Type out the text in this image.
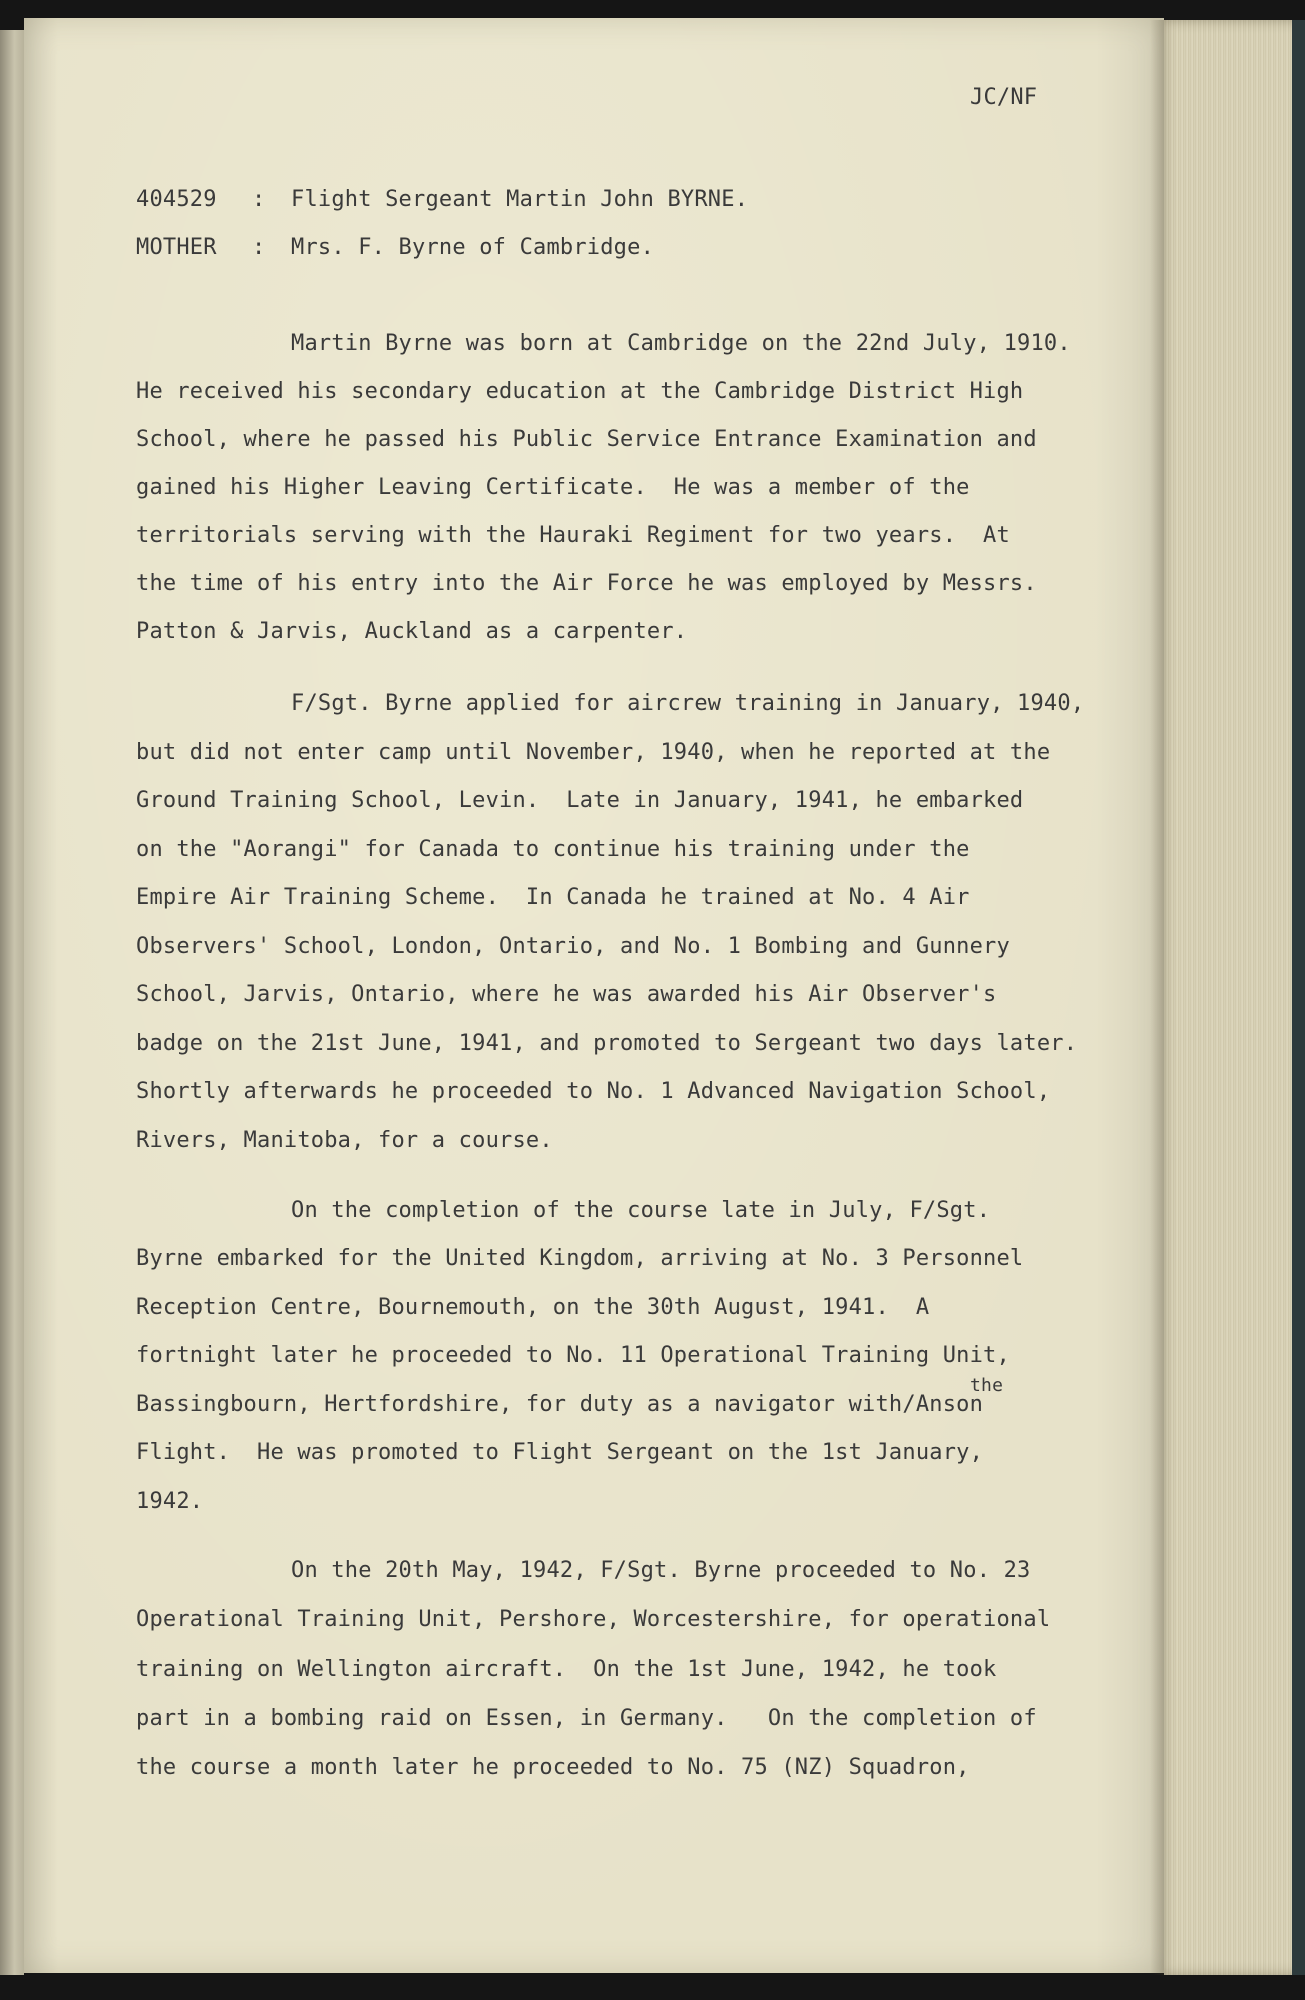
JC/NF

404529 : Flight Sergeant Martin John BYRNE.

MOTHER : Mrs. F. Byrne of Cambridge.

Martin Byrne was born at Cambridge on the 22nd July, 1910.

He received his secondary education at the Cambridge District High

School, where he passed his Public Service Entrance Examination and

gained his Higher Leaving Certificate.  He was a member of the

territorials serving with the Hauraki Regiment for two years.  At

the time of his entry into the Air Force he was employed by Messrs.

Patton & Jarvis, Auckland as a carpenter.

F/Sgt. Byrne applied for aircrew training in January, 1940,

but did not enter camp until November, 1940, when he reported at the

Ground Training School, Levin.  Late in January, 1941, he embarked

on the "Aorangi" for Canada to continue his training under the

Empire Air Training Scheme.  In Canada he trained at No. 4 Air

Observers' School, London, Ontario, and No. 1 Bombing and Gunnery

School, Jarvis, Ontario, where he was awarded his Air Observer's

badge on the 21st June, 1941, and promoted to Sergeant two days later.

Shortly afterwards he proceeded to No. 1 Advanced Navigation School,

Rivers, Manitoba, for a course.

On the completion of the course late in July, F/Sgt.

Byrne embarked for the United Kingdom, arriving at No. 3 Personnel

Reception Centre, Bournemouth, on the 30th August, 1941.  A

fortnight later he proceeded to No. 11 Operational Training Unit,

the

Bassingbourn, Hertfordshire, for duty as a navigator with/Anson

Flight.  He was promoted to Flight Sergeant on the 1st January,

1942.

On the 20th May, 1942, F/Sgt. Byrne proceeded to No. 23

Operational Training Unit, Pershore, Worcestershire, for operational

training on Wellington aircraft.  On the 1st June, 1942, he took

part in a bombing raid on Essen, in Germany.   On the completion of

the course a month later he proceeded to No. 75 (NZ) Squadron,
